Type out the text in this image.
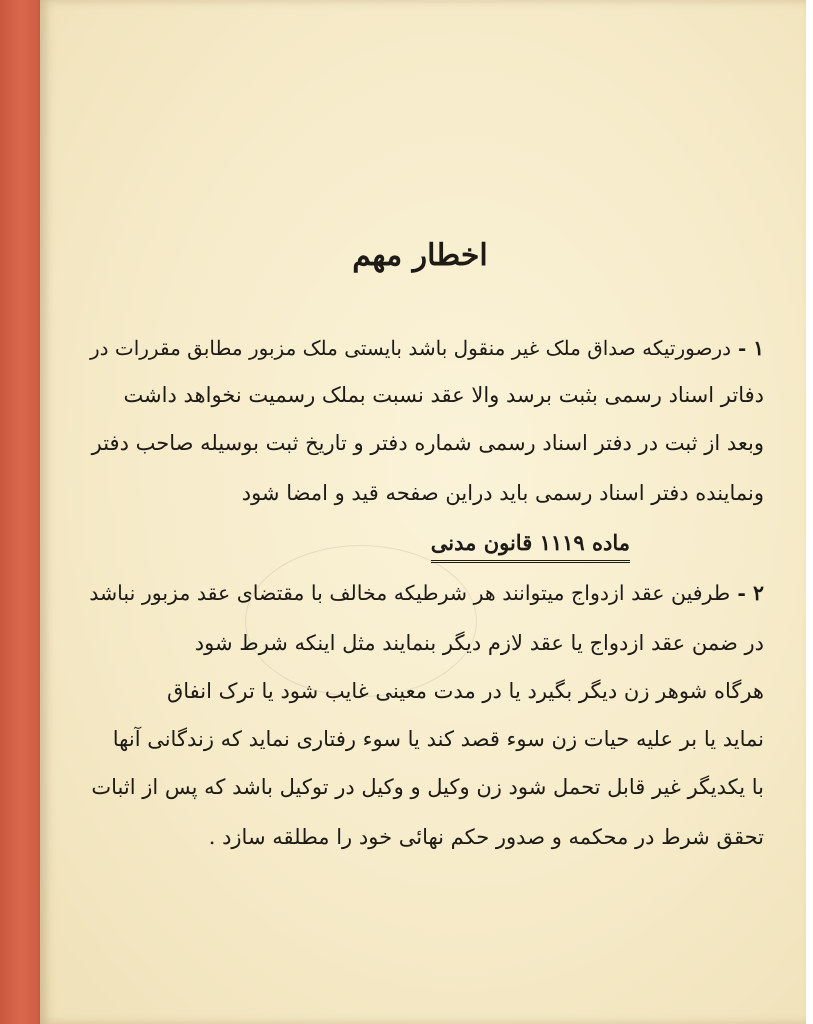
اخطار مهم

۱ - درصورتیکه صداق ملک غیر منقول باشد بایستی ملک مزبور مطابق مقررات در

دفاتر اسناد رسمی بثبت برسد والا عقد نسبت بملک رسمیت نخواهد داشت

وبعد از ثبت در دفتر اسناد رسمی شماره دفتر و تاریخ ثبت بوسیله صاحب دفتر

ونماینده دفتر اسناد رسمی باید دراین صفحه قید و امضا شود

ماده ۱۱۱۹ قانون مدنی

۲ - طرفین عقد ازدواج میتوانند هر شرطیکه مخالف با مقتضای عقد مزبور نباشد

در ضمن عقد ازدواج یا عقد لازم دیگر بنمایند مثل اینکه شرط شود

هرگاه شوهر زن دیگر بگیرد یا در مدت معینی غایب شود یا ترک انفاق

نماید یا بر علیه حیات زن سوء قصد کند یا سوء رفتاری نماید که زندگانی آنها

با یکدیگر غیر قابل تحمل شود زن وکیل و وکیل در توکیل باشد که پس از اثبات

تحقق شرط در محکمه و صدور حکم نهائی خود را مطلقه سازد .
